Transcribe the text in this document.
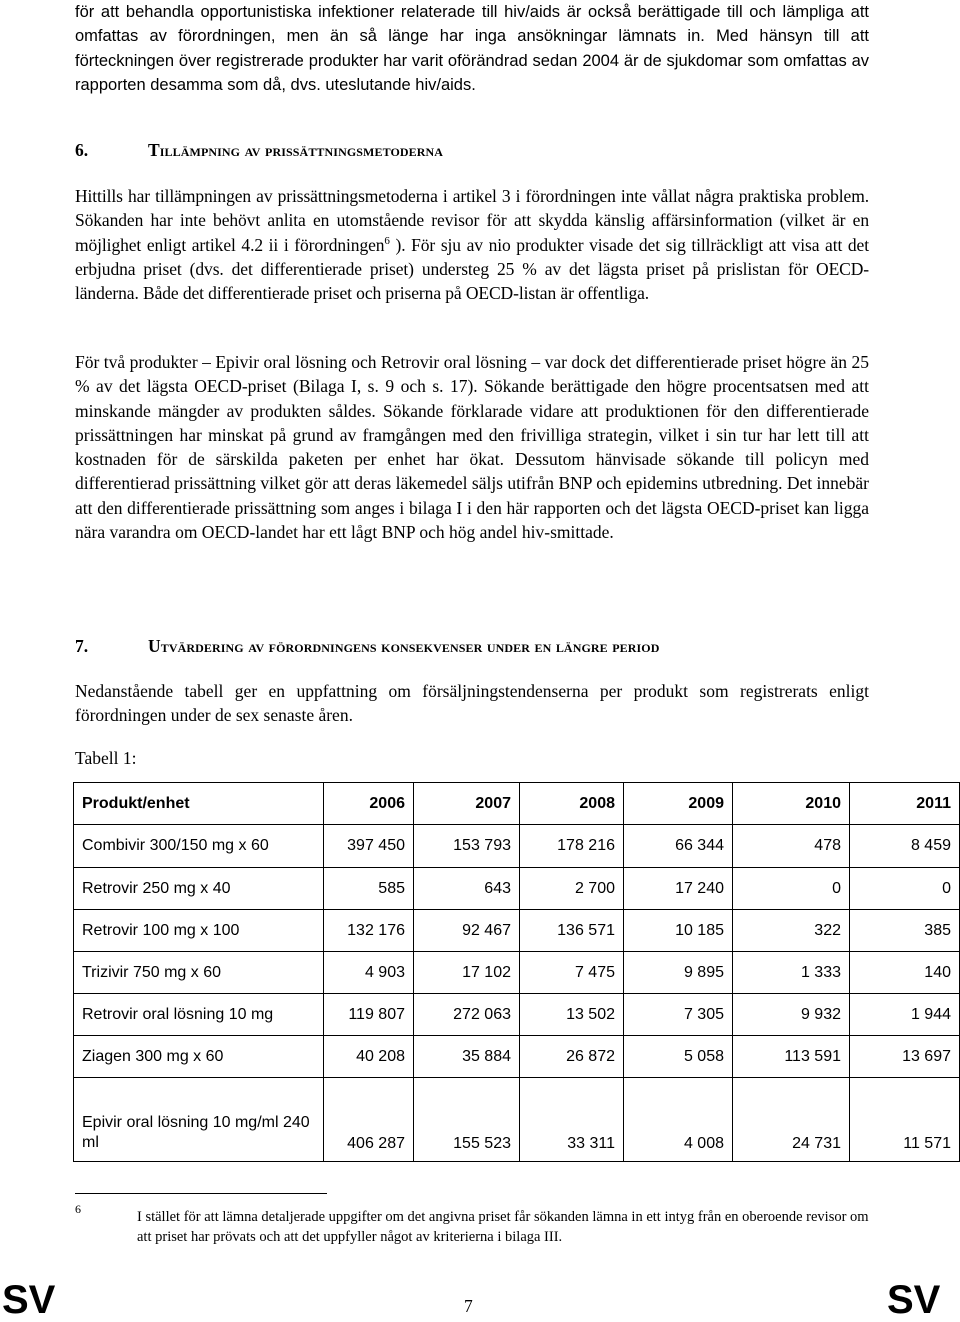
för att behandla opportunistiska infektioner relaterade till hiv/aids är också berättigade till och lämpliga att omfattas av förordningen, men än så länge har inga ansökningar lämnats in. Med hänsyn till att förteckningen över registrerade produkter har varit oförändrad sedan 2004 är de sjukdomar som omfattas av rapporten desamma som då, dvs. uteslutande hiv/aids.

6.	Tillämpning av prissättningsmetoderna

Hittills har tillämpningen av prissättningsmetoderna i artikel 3 i förordningen inte vållat några praktiska problem. Sökanden har inte behövt anlita en utomstående revisor för att skydda känslig affärsinformation (vilket är en möjlighet enligt artikel 4.2 ii i förordningen$^6$ ). För sju av nio produkter visade det sig tillräckligt att visa att det erbjudna priset (dvs. det differentierade priset) understeg 25 % av det lägsta priset på prislistan för OECD-länderna. Både det differentierade priset och priserna på OECD-listan är offentliga.

För två produkter – Epivir oral lösning och Retrovir oral lösning – var dock det differentierade priset högre än 25 % av det lägsta OECD-priset (Bilaga I, s. 9 och s. 17). Sökande berättigade den högre procentsatsen med att minskande mängder av produkten såldes. Sökande förklarade vidare att produktionen för den differentierade prissättningen har minskat på grund av framgången med den frivilliga strategin, vilket i sin tur har lett till att kostnaden för de särskilda paketen per enhet har ökat. Dessutom hänvisade sökande till policyn med differentierad prissättning vilket gör att deras läkemedel säljs utifrån BNP och epidemins utbredning. Det innebär att den differentierade prissättning som anges i bilaga I i den här rapporten och det lägsta OECD-priset kan ligga nära varandra om OECD-landet har ett lågt BNP och hög andel hiv-smittade.

7.	Utvärdering av förordningens konsekvenser under en längre period

Nedanstående tabell ger en uppfattning om försäljningstendenserna per produkt som registrerats enligt förordningen under de sex senaste åren.

Tabell 1:

Produkt/enhet	2006	2007	2008	2009	2010	2011
Combivir 300/150 mg x 60	397 450	153 793	178 216	66 344	478	8 459
Retrovir 250 mg x 40	585	643	2 700	17 240	0	0
Retrovir 100 mg x 100	132 176	92 467	136 571	10 185	322	385
Trizivir 750 mg x 60	4 903	17 102	7 475	9 895	1 333	140
Retrovir oral lösning 10 mg	119 807	272 063	13 502	7 305	9 932	1 944
Ziagen 300 mg x 60	40 208	35 884	26 872	5 058	113 591	13 697
Epivir oral lösning 10 mg/ml 240 ml	406 287	155 523	33 311	4 008	24 731	11 571
6	I stället för att lämna detaljerade uppgifter om det angivna priset får sökanden lämna in ett intyg från en oberoende revisor om att priset har prövats och att det uppfyller något av kriterierna i bilaga III.

SV	7	SV
